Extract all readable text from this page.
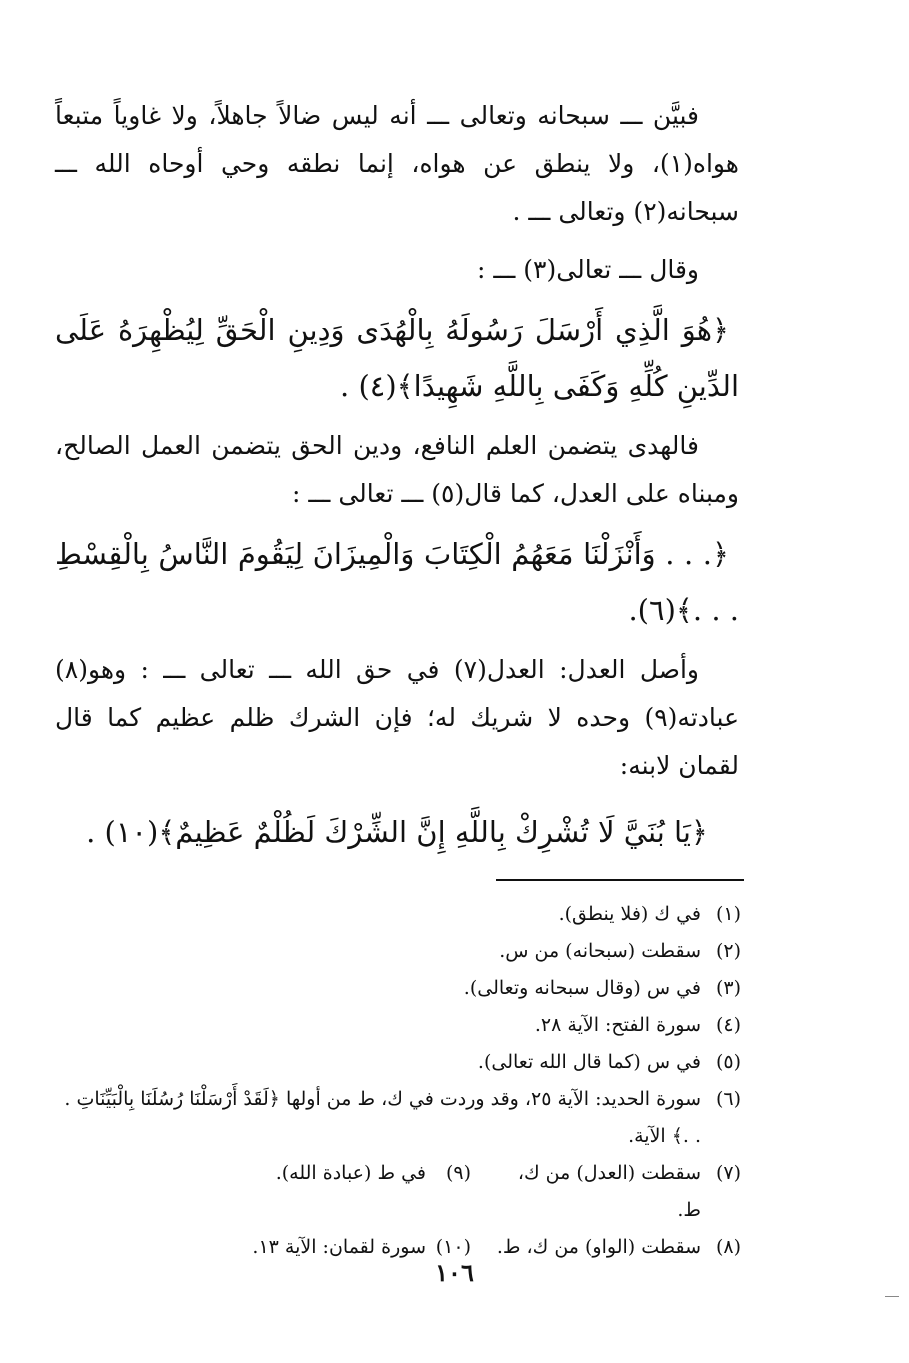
فبيَّن ـــ سبحانه وتعالى ـــ أنه ليس ضالاً جاهلاً، ولا غاوياً متبعاً هواه(١)، ولا ينطق عن هواه، إنما نطقه وحي أوحاه الله ـــ سبحانه(٢) وتعالى ـــ .

وقال ـــ تعالى(٣) ـــ :

﴿هُوَ الَّذِي أَرْسَلَ رَسُولَهُ بِالْهُدَى وَدِينِ الْحَقِّ لِيُظْهِرَهُ عَلَى الدِّينِ كُلِّهِ وَكَفَى بِاللَّهِ شَهِيدًا﴾(٤) .

فالهدى يتضمن العلم النافع، ودين الحق يتضمن العمل الصالح، ومبناه على العدل، كما قال(٥) ـــ تعالى ـــ :

﴿. . . وَأَنْزَلْنَا مَعَهُمُ الْكِتَابَ وَالْمِيزَانَ لِيَقُومَ النَّاسُ بِالْقِسْطِ . . .﴾(٦).

وأصل العدل: العدل(٧) في حق الله ـــ تعالى ـــ : وهو(٨) عبادته(٩) وحده لا شريك له؛ فإن الشرك ظلم عظيم كما قال لقمان لابنه:

﴿يَا بُنَيَّ لَا تُشْرِكْ بِاللَّهِ إِنَّ الشِّرْكَ لَظُلْمٌ عَظِيمٌ﴾(١٠) .

(١)
في ك (فلا ينطق).
(٢)
سقطت (سبحانه) من س.
(٣)
في س (وقال سبحانه وتعالى).
(٤)
سورة الفتح: الآية ٢٨.
(٥)
في س (كما قال الله تعالى).
(٦)
سورة الحديد: الآية ٢٥، وقد وردت في ك، ط من أولها ﴿لَقَدْ أَرْسَلْنَا رُسُلَنَا بِالْبَيِّنَاتِ . . .﴾ الآية.
(٧)
سقطت (العدل) من ك، ط.
(٩)
في ط (عبادة الله).
(٨)
سقطت (الواو) من ك، ط.
(١٠)
سورة لقمان: الآية ١٣.
١٠٦
